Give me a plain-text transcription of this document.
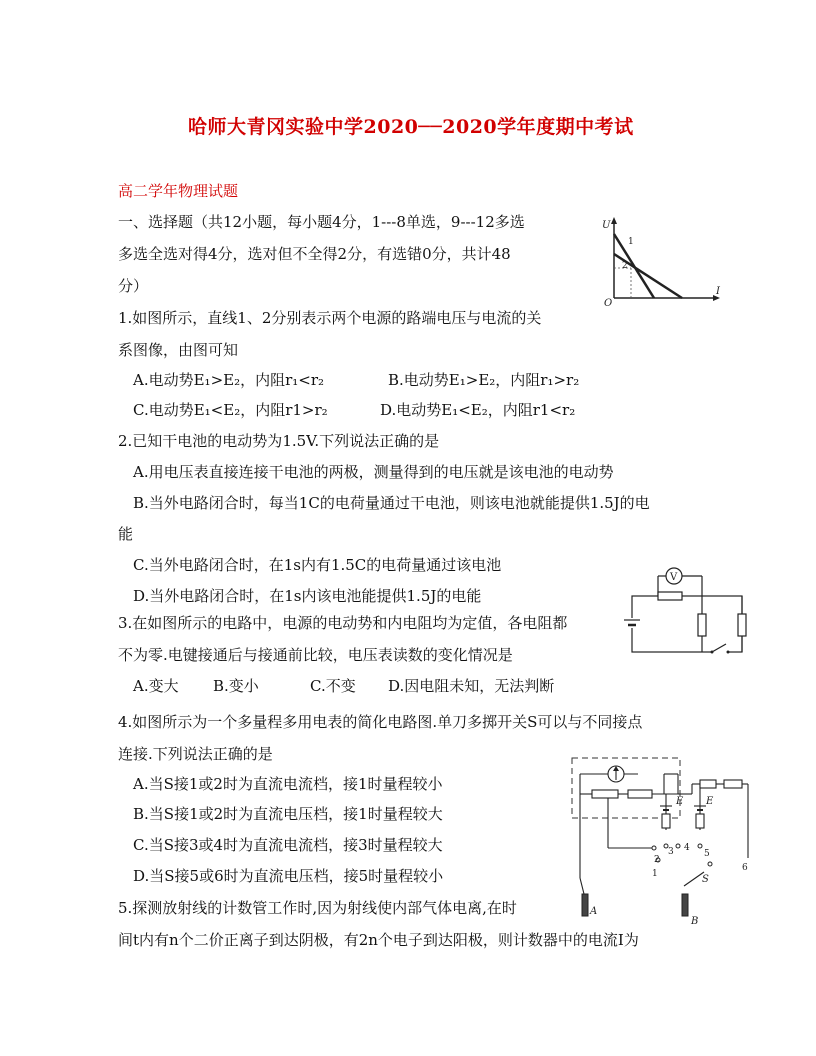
哈师大青冈实验中学2020──2020学年度期中考试
高二学年物理试题
一、选择题（共12小题，每小题4分，1---8单选，9---12多选
多选全选对得4分，选对但不全得2分，有选错0分，共计48
分）
1.如图所示，直线1、2分别表示两个电源的路端电压与电流的关
系图像，由图可知
A.电动势E₁>E₂，内阻r₁<r₂	B.电动势E₁>E₂，内阻r₁>r₂
C.电动势E₁<E₂，内阻r1>r₂	D.电动势E₁<E₂，内阻r1<r₂
2.已知干电池的电动势为1.5V.下列说法正确的是
A.用电压表直接连接干电池的两极，测量得到的电压就是该电池的电动势
B.当外电路闭合时，每当1C的电荷量通过干电池，则该电池就能提供1.5J的电
能
C.当外电路闭合时，在1s内有1.5C的电荷量通过该电池
D.当外电路闭合时，在1s内该电池能提供1.5J的电能
3.在如图所示的电路中，电源的电动势和内电阻均为定值，各电阻都
不为零.电键接通后与接通前比较，电压表读数的变化情况是
A.变大 B.变小	C.不变 D.因电阻未知，无法判断
4.如图所示为一个多量程多用电表的简化电路图.单刀多掷开关S可以与不同接点
连接.下列说法正确的是
A.当S接1或2时为直流电流档，接1时量程较小
B.当S接1或2时为直流电压档，接1时量程较大
C.当S接3或4时为直流电流档，接3时量程较大
D.当S接5或6时为直流电压档，接5时量程较小
5.探测放射线的计数管工作时,因为射线使内部气体电离,在时
间t内有n个二价正离子到达阴极，有2n个电子到达阳极，则计数器中的电流I为
U
I
O
1
2
V
E E
1
2
3 4
5
6
S
A
B
